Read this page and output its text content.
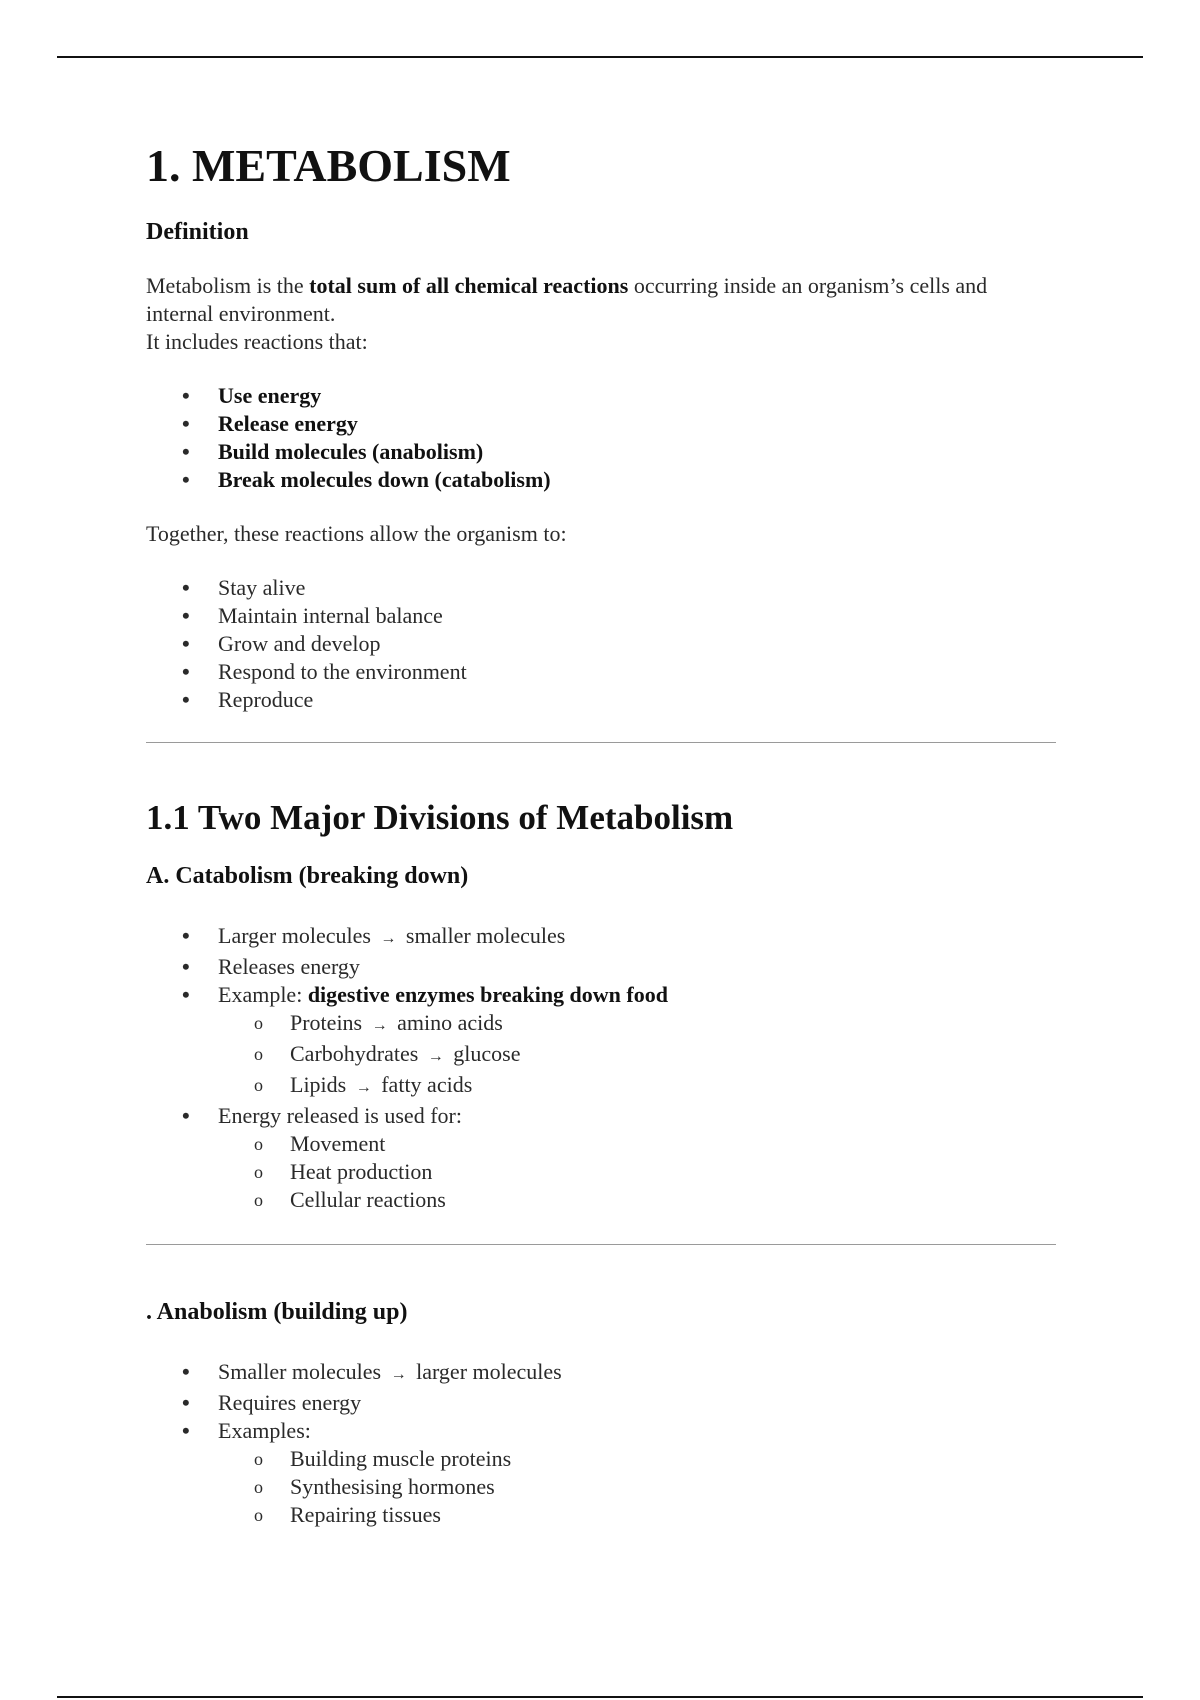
1. METABOLISM
Definition

Metabolism is the total sum of all chemical reactions occurring inside an organism’s cells and internal environment.

It includes reactions that:

• Use energy
• Release energy
• Build molecules (anabolism)
• Break molecules down (catabolism)

Together, these reactions allow the organism to:

• Stay alive
• Maintain internal balance
• Grow and develop
• Respond to the environment
• Reproduce
1.1 Two Major Divisions of Metabolism
A. Catabolism (breaking down)
• Larger molecules → smaller molecules
• Releases energy
• Example: digestive enzymes breaking down food
o Proteins → amino acids
o Carbohydrates → glucose
o Lipids → fatty acids
• Energy released is used for:
o Movement
o Heat production
o Cellular reactions
. Anabolism (building up)
• Smaller molecules → larger molecules
• Requires energy
• Examples:
o Building muscle proteins
o Synthesising hormones
o Repairing tissues
